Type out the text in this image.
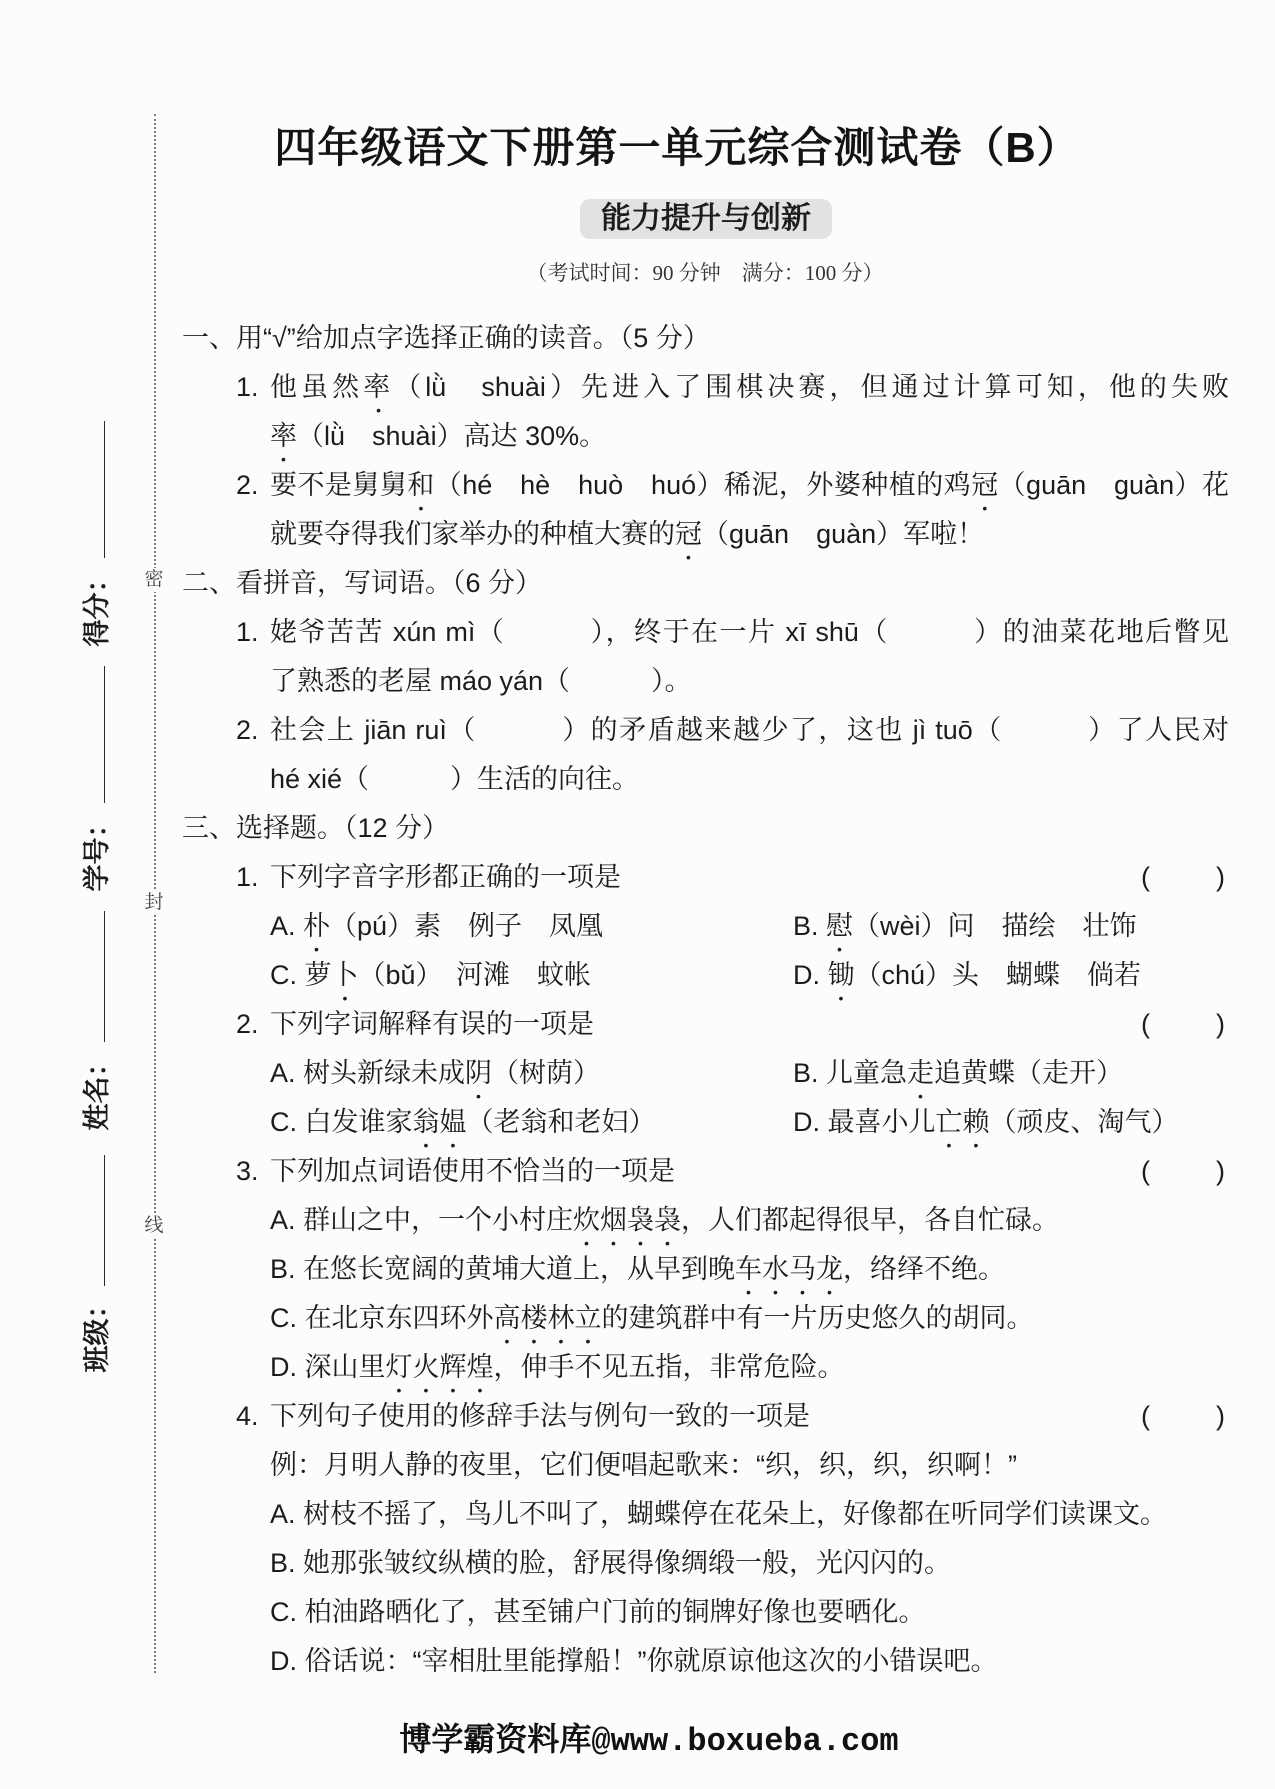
密
封
线
得分：
学号：
姓名：
班级：
四年级语文下册第一单元综合测试卷（B）
能力提升与创新
（考试时间：90 分钟　满分：100 分）
一、用“√”给加点字选择正确的读音。（5 分）
1. 他虽然率（lǜ　shuài）先进入了围棋决赛，但通过计算可知，他的失败
率（lǜ　shuài）高达 30%。
2. 要不是舅舅和（hé　hè　huò　huó）稀泥，外婆种植的鸡冠（guān　guàn）花
就要夺得我们家举办的种植大赛的冠（guān　guàn）军啦！
二、看拼音，写词语。（6 分）
1. 姥爷苦苦 xún mì（　　　），终于在一片 xī shū（　　　）的油菜花地后瞥见
了熟悉的老屋 máo yán（　　　）。
2. 社会上 jiān ruì（　　　）的矛盾越来越少了，这也 jì tuō（　　　）了人民对
hé xié（　　　）生活的向往。
三、选择题。（12 分）
1. 下列字音字形都正确的一项是	(　　)
A. 朴（pú）素　例子　凤凰	B. 慰（wèi）问　描绘　壮饰
C. 萝卜（bǔ）　河滩　蚊帐	D. 锄（chú）头　蝴蝶　倘若
2. 下列字词解释有误的一项是	(　　)
A. 树头新绿未成阴（树荫）	B. 儿童急走追黄蝶（走开）
C. 白发谁家翁媪（老翁和老妇）	D. 最喜小儿亡赖（顽皮、淘气）
3. 下列加点词语使用不恰当的一项是	(　　)
A. 群山之中，一个小村庄炊烟袅袅，人们都起得很早，各自忙碌。
B. 在悠长宽阔的黄埔大道上，从早到晚车水马龙，络绎不绝。
C. 在北京东四环外高楼林立的建筑群中有一片历史悠久的胡同。
D. 深山里灯火辉煌，伸手不见五指，非常危险。
4. 下列句子使用的修辞手法与例句一致的一项是	(　　)
例：月明人静的夜里，它们便唱起歌来：“织，织，织，织啊！”
A. 树枝不摇了，鸟儿不叫了，蝴蝶停在花朵上，好像都在听同学们读课文。
B. 她那张皱纹纵横的脸，舒展得像绸缎一般，光闪闪的。
C. 柏油路晒化了，甚至铺户门前的铜牌好像也要晒化。
D. 俗话说：“宰相肚里能撑船！”你就原谅他这次的小错误吧。
博学霸资料库@www.boxueba.com
